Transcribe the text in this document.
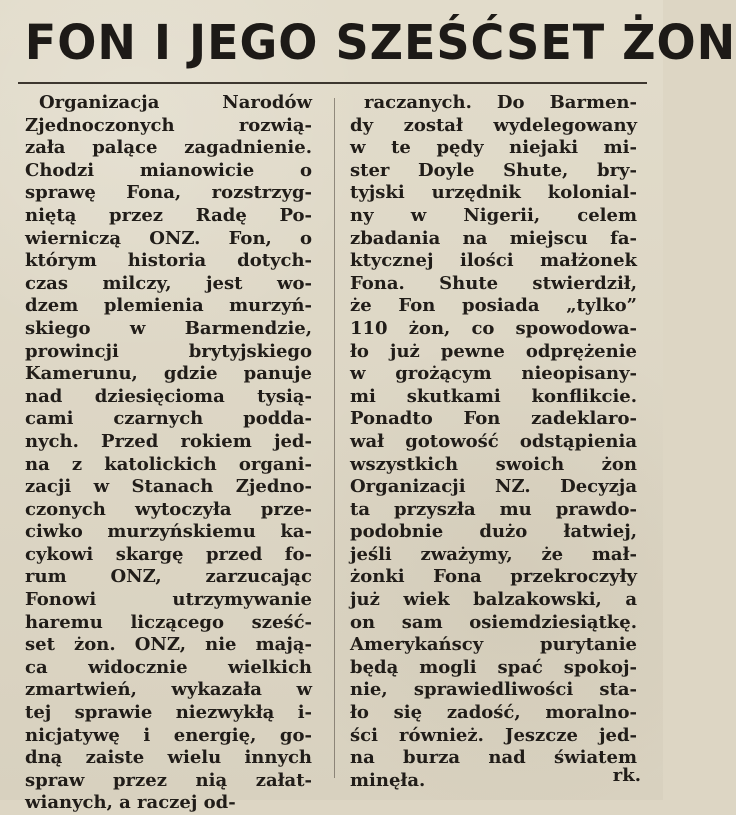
FON I JEGO SZEŚĆSET ŻON
Organizacja Narodów
Zjednoczonych rozwią-
zała palące zagadnienie.
Chodzi mianowicie o
sprawę Fona, rozstrzyg-
niętą przez Radę Po-
wierniczą ONZ. Fon, o
którym historia dotych-
czas milczy, jest wo-
dzem plemienia murzyń-
skiego w Barmendzie,
prowincji brytyjskiego
Kamerunu, gdzie panuje
nad dziesięcioma tysią-
cami czarnych podda-
nych. Przed rokiem jed-
na z katolickich organi-
zacji w Stanach Zjedno-
czonych wytoczyła prze-
ciwko murzyńskiemu ka-
cykowi skargę przed fo-
rum ONZ, zarzucając
Fonowi utrzymywanie
haremu liczącego sześć-
set żon. ONZ, nie mają-
ca widocznie wielkich
zmartwień, wykazała w
tej sprawie niezwykłą i-
nicjatywę i energię, go-
dną zaiste wielu innych
spraw przez nią załat-
wianych, a raczej od-
raczanych. Do Barmen-
dy został wydelegowany
w te pędy niejaki mi-
ster Doyle Shute, bry-
tyjski urzędnik kolonial-
ny w Nigerii, celem
zbadania na miejscu fa-
ktycznej ilości małżonek
Fona. Shute stwierdził,
że Fon posiada „tylko”
110 żon, co spowodowa-
ło już pewne odprężenie
w grożącym nieopisany-
mi skutkami konflikcie.
Ponadto Fon zadeklaro-
wał gotowość odstąpienia
wszystkich swoich żon
Organizacji NZ. Decyzja
ta przyszła mu prawdo-
podobnie dużo łatwiej,
jeśli zważymy, że mał-
żonki Fona przekroczyły
już wiek balzakowski, a
on sam osiemdziesiątkę.
Amerykańscy purytanie
będą mogli spać spokoj-
nie, sprawiedliwości sta-
ło się zadość, moralno-
ści również. Jeszcze jed-
na burza nad światem
minęła.	rk.
